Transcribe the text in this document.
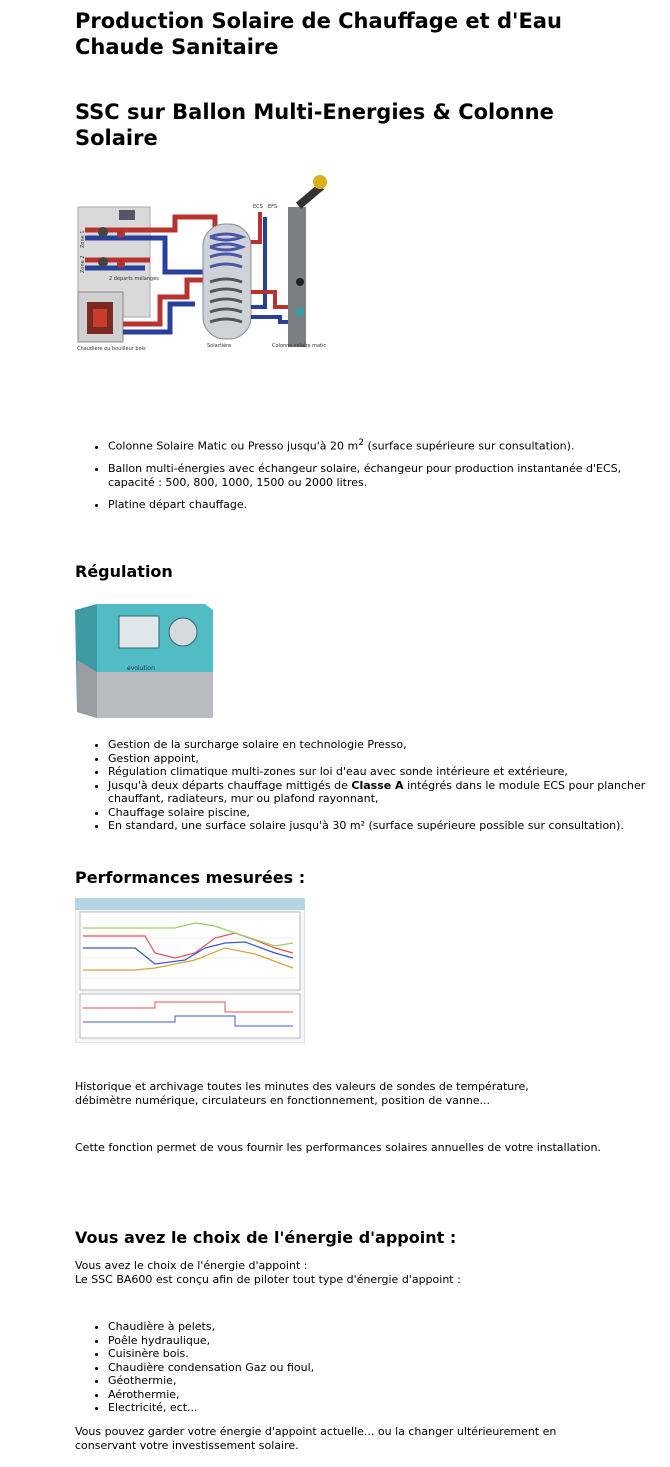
Production Solaire de Chauffage et d'Eau Chaude Sanitaire
SSC sur Ballon Multi-Energies & Colonne Solaire
Zone 1
Zone 2
2 départs mélangés
Chaudière ou bouilleur bois	Solartière	Colonne solaire matic
ECS EFS
• Colonne Solaire Matic ou Presso jusqu'à 20 $m^2$ (surface supérieure sur consultation).
• Ballon multi-énergies avec échangeur solaire, échangeur pour production instantanée d'ECS, capacité : 500, 800, 1000, 1500 ou 2000 litres.
• Platine départ chauffage.
Régulation
evolution
• Gestion de la surcharge solaire en technologie Presso,
• Gestion appoint,
• Régulation climatique multi-zones sur loi d'eau avec sonde intérieure et extérieure,
• Jusqu'à deux départs chauffage mittigés de Classe A intégrés dans le module ECS pour plancher chauffant, radiateurs, mur ou plafond rayonnant,
• Chauffage solaire piscine,
• En standard, une surface solaire jusqu'à 30 m² (surface supérieure possible sur consultation).
Performances mesurées :

Historique et archivage toutes les minutes des valeurs de sondes de température, débimètre numérique, circulateurs en fonctionnement, position de vanne...

Cette fonction permet de vous fournir les performances solaires annuelles de votre installation.

Vous avez le choix de l'énergie d'appoint :

Vous avez le choix de l'énergie d'appoint :
Le SSC BA600 est conçu afin de piloter tout type d'énergie d'appoint :

• Chaudière à pelets,
• Poêle hydraulique,
• Cuisinère bois.
• Chaudière condensation Gaz ou fioul,
• Géothermie,
• Aérothermie,
• Electricité, ect...

Vous pouvez garder votre énergie d'appoint actuelle... ou la changer ultérieurement en conservant votre investissement solaire.
